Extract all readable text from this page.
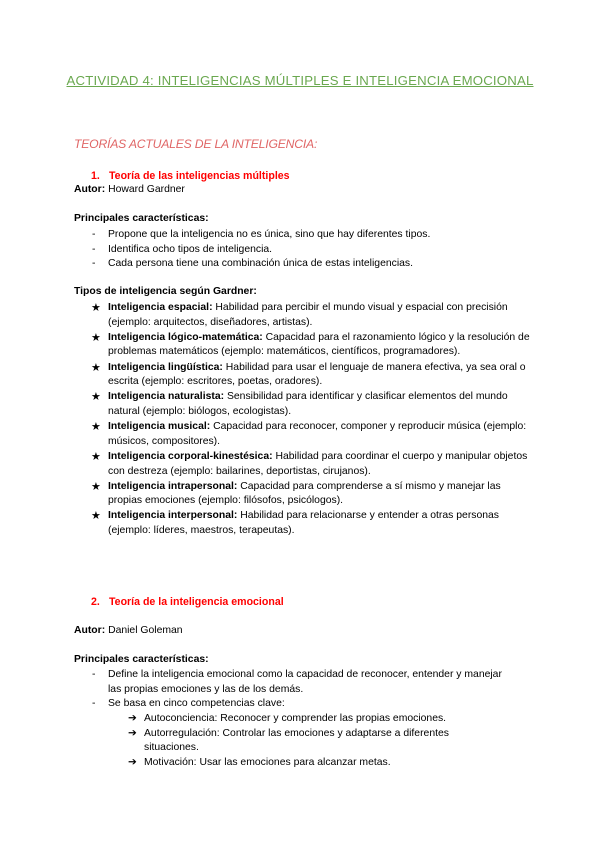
ACTIVIDAD 4: INTELIGENCIAS MÚLTIPLES E INTELIGENCIA EMOCIONAL
TEORÍAS ACTUALES DE LA INTELIGENCIA:
1. Teoría de las inteligencias múltiples
Autor: Howard Gardner
Principales características:
- Propone que la inteligencia no es única, sino que hay diferentes tipos.
- Identifica ocho tipos de inteligencia.
- Cada persona tiene una combinación única de estas inteligencias.
Tipos de inteligencia según Gardner:
★ Inteligencia espacial: Habilidad para percibir el mundo visual y espacial con precisión (ejemplo: arquitectos, diseñadores, artistas).
★ Inteligencia lógico-matemática: Capacidad para el razonamiento lógico y la resolución de problemas matemáticos (ejemplo: matemáticos, científicos, programadores).
★ Inteligencia lingüística: Habilidad para usar el lenguaje de manera efectiva, ya sea oral o escrita (ejemplo: escritores, poetas, oradores).
★ Inteligencia naturalista: Sensibilidad para identificar y clasificar elementos del mundo natural (ejemplo: biólogos, ecologistas).
★ Inteligencia musical: Capacidad para reconocer, componer y reproducir música (ejemplo: músicos, compositores).
★ Inteligencia corporal-kinestésica: Habilidad para coordinar el cuerpo y manipular objetos con destreza (ejemplo: bailarines, deportistas, cirujanos).
★ Inteligencia intrapersonal: Capacidad para comprenderse a sí mismo y manejar las propias emociones (ejemplo: filósofos, psicólogos).
★ Inteligencia interpersonal: Habilidad para relacionarse y entender a otras personas (ejemplo: líderes, maestros, terapeutas).
2. Teoría de la inteligencia emocional
Autor: Daniel Goleman
Principales características:
- Define la inteligencia emocional como la capacidad de reconocer, entender y manejar las propias emociones y las de los demás.
- Se basa en cinco competencias clave:
➔ Autoconciencia: Reconocer y comprender las propias emociones.
➔ Autorregulación: Controlar las emociones y adaptarse a diferentes situaciones.
➔ Motivación: Usar las emociones para alcanzar metas.
